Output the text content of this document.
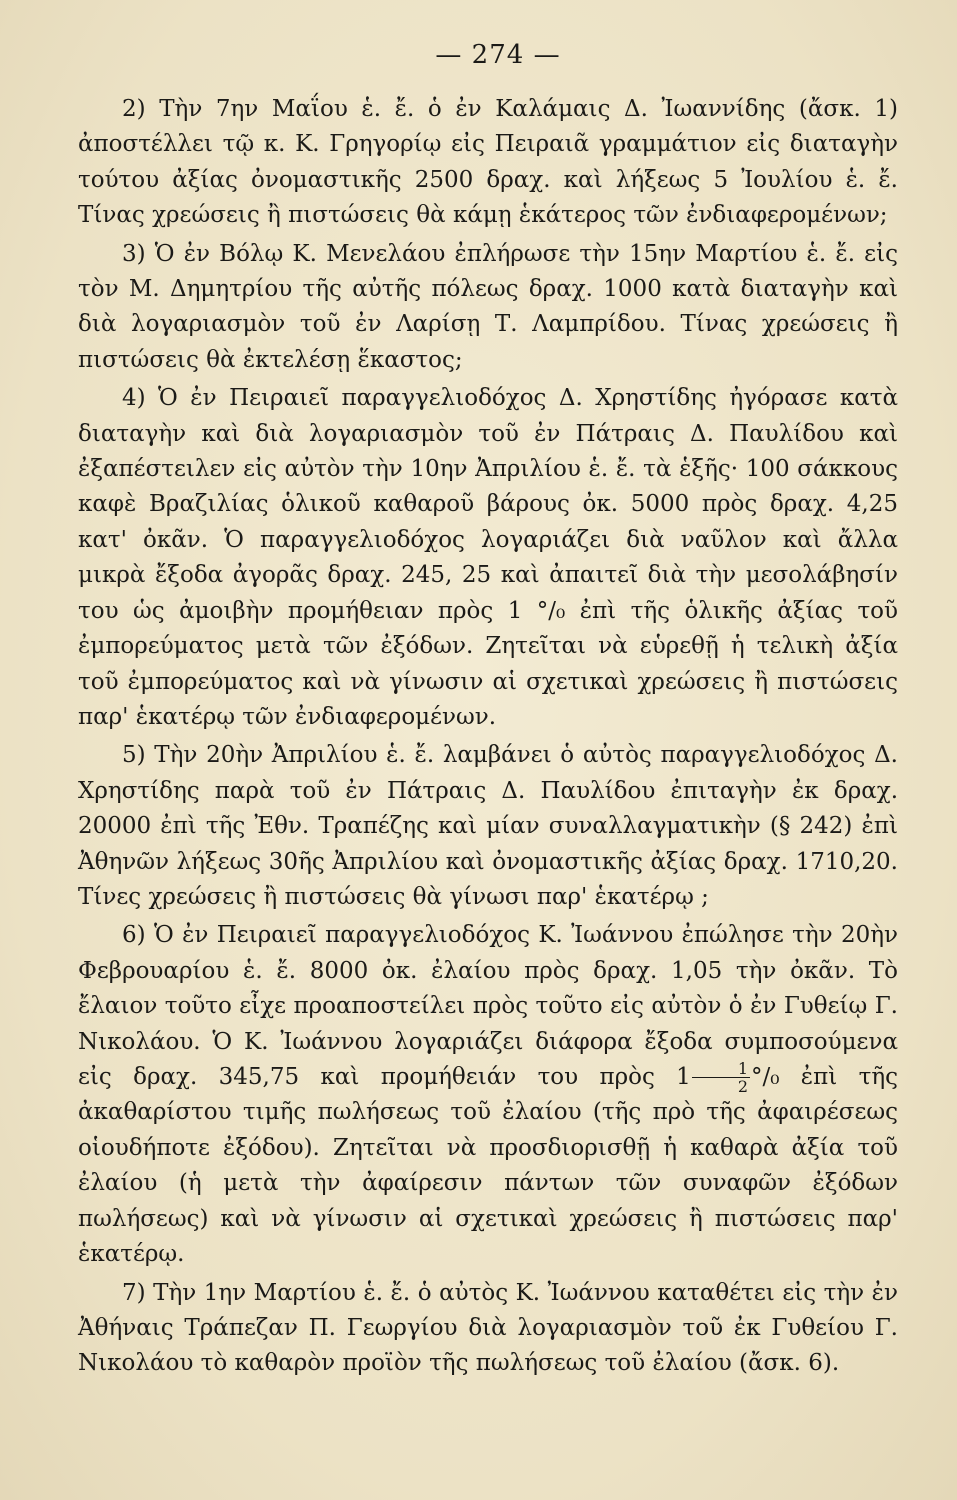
— 274 —

2) Τὴν 7ην Μαΐου ἑ. ἔ. ὁ ἐν Καλάμαις Δ. Ἰωαννίδης (ἄσκ. 1) ἀποστέλλει τῷ κ. Κ. Γρηγορίῳ εἰς Πειραιᾶ γραμμάτιον εἰς διαταγὴν τούτου ἀξίας ὀνομαστικῆς 2500 δραχ. καὶ λήξεως 5 Ἰουλίου ἑ. ἔ. Τίνας χρεώσεις ἢ πιστώσεις θὰ κάμῃ ἑκάτερος τῶν ἐνδιαφερομένων;

3) Ὁ ἐν Βόλῳ Κ. Μενελάου ἐπλήρωσε τὴν 15ην Μαρτίου ἑ. ἔ. εἰς τὸν Μ. Δημητρίου τῆς αὐτῆς πόλεως δραχ. 1000 κατὰ διαταγὴν καὶ διὰ λογαριασμὸν τοῦ ἐν Λαρίσῃ Τ. Λαμπρίδου. Τίνας χρεώσεις ἢ πιστώσεις θὰ ἐκτελέσῃ ἕκαστος;

4) Ὁ ἐν Πειραιεῖ παραγγελιοδόχος Δ. Χρηστίδης ἠγόρασε κατὰ διαταγὴν καὶ διὰ λογαριασμὸν τοῦ ἐν Πάτραις Δ. Παυλίδου καὶ ἐξαπέστειλεν εἰς αὐτὸν τὴν 10ην Ἀπριλίου ἑ. ἔ. τὰ ἑξῆς· 100 σάκκους καφὲ Βραζιλίας ὁλικοῦ καθαροῦ βάρους ὀκ. 5000 πρὸς δραχ. 4,25 κατ' ὀκᾶν. Ὁ παραγγελιοδόχος λογαριάζει διὰ ναῦλον καὶ ἄλλα μικρὰ ἔξοδα ἀγορᾶς δραχ. 245, 25 καὶ ἀπαιτεῖ διὰ τὴν μεσολάβησίν του ὡς ἀμοιβὴν προμήθειαν πρὸς 1 °/₀ ἐπὶ τῆς ὁλικῆς ἀξίας τοῦ ἐμπορεύματος μετὰ τῶν ἐξόδων. Ζητεῖται νὰ εὑρεθῇ ἡ τελικὴ ἀξία τοῦ ἐμπορεύματος καὶ νὰ γίνωσιν αἱ σχετικαὶ χρεώσεις ἢ πιστώσεις παρ' ἑκατέρῳ τῶν ἐνδιαφερομένων.

5) Τὴν 20ὴν Ἀπριλίου ἑ. ἔ. λαμβάνει ὁ αὐτὸς παραγγελιοδόχος Δ. Χρηστίδης παρὰ τοῦ ἐν Πάτραις Δ. Παυλίδου ἐπιταγὴν ἐκ δραχ. 20000 ἐπὶ τῆς Ἐθν. Τραπέζης καὶ μίαν συναλλαγματικὴν (§ 242) ἐπὶ Ἀθηνῶν λήξεως 30ῆς Ἀπριλίου καὶ ὀνομαστικῆς ἀξίας δραχ. 1710,20. Τίνες χρεώσεις ἢ πιστώσεις θὰ γίνωσι παρ' ἑκατέρῳ ;

6) Ὁ ἐν Πειραιεῖ παραγγελιοδόχος Κ. Ἰωάννου ἐπώλησε τὴν 20ὴν Φεβρουαρίου ἑ. ἔ. 8000 ὀκ. ἐλαίου πρὸς δραχ. 1,05 τὴν ὀκᾶν. Τὸ ἔλαιον τοῦτο εἶχε προαποστείλει πρὸς τοῦτο εἰς αὐτὸν ὁ ἐν Γυθείῳ Γ. Νικολάου. Ὁ Κ. Ἰωάννου λογαριάζει διάφορα ἔξοδα συμποσούμενα εἰς δραχ. 345,75 καὶ προμήθειάν του πρὸς $1 \frac{1}{2} ^\circ/_0$ ἐπὶ τῆς ἀκαθαρίστου τιμῆς πωλήσεως τοῦ ἐλαίου (τῆς πρὸ τῆς ἀφαιρέσεως οἱουδήποτε ἐξόδου). Ζητεῖται νὰ προσδιορισθῇ ἡ καθαρὰ ἀξία τοῦ ἐλαίου (ἡ μετὰ τὴν ἀφαίρεσιν πάντων τῶν συναφῶν ἐξόδων πωλήσεως) καὶ νὰ γίνωσιν αἱ σχετικαὶ χρεώσεις ἢ πιστώσεις παρ' ἑκατέρῳ.

7) Τὴν 1ην Μαρτίου ἑ. ἔ. ὁ αὐτὸς Κ. Ἰωάννου καταθέτει εἰς τὴν ἐν Ἀθήναις Τράπεζαν Π. Γεωργίου διὰ λογαριασμὸν τοῦ ἐκ Γυθείου Γ. Νικολάου τὸ καθαρὸν προϊὸν τῆς πωλήσεως τοῦ ἐλαίου (ἄσκ. 6).
